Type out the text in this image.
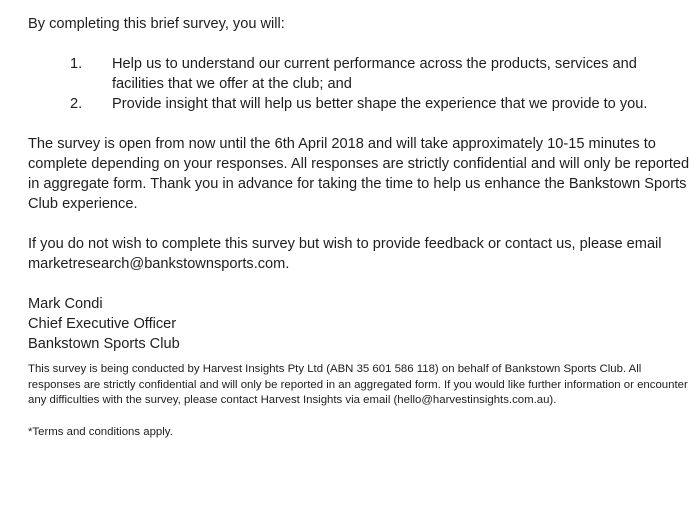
By completing this brief survey, you will:

1.	Help us to understand our current performance across the products, services and facilities that we offer at the club; and
2.	Provide insight that will help us better shape the experience that we provide to you.

The survey is open from now until the 6th April 2018 and will take approximately 10-15 minutes to complete depending on your responses. All responses are strictly confidential and will only be reported in aggregate form. Thank you in advance for taking the time to help us enhance the Bankstown Sports Club experience.

If you do not wish to complete this survey but wish to provide feedback or contact us, please email marketresearch@bankstownsports.com.

Mark Condi
Chief Executive Officer
Bankstown Sports Club

This survey is being conducted by Harvest Insights Pty Ltd (ABN 35 601 586 118) on behalf of Bankstown Sports Club. All responses are strictly confidential and will only be reported in an aggregated form. If you would like further information or encounter any difficulties with the survey, please contact Harvest Insights via email (hello@harvestinsights.com.au).

*Terms and conditions apply.
